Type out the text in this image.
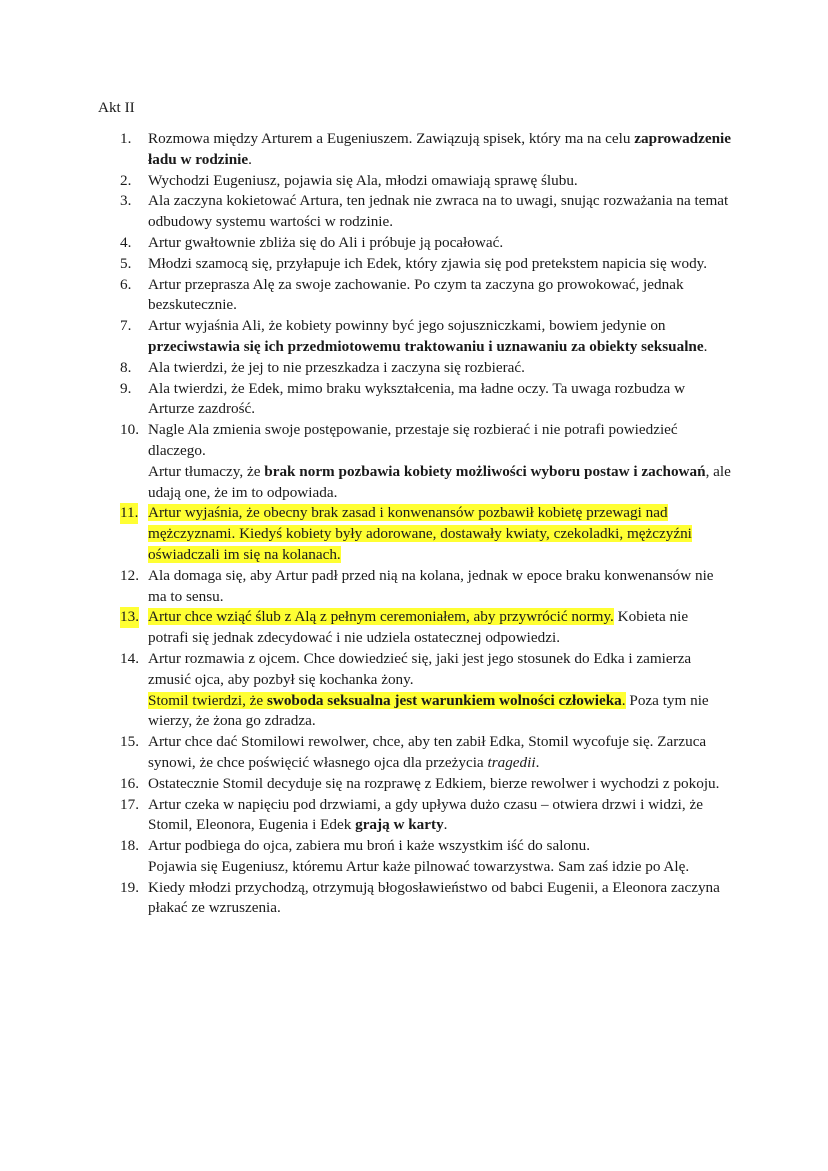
Akt II
1. Rozmowa między Arturem a Eugeniuszem. Zawiązują spisek, który ma na celu zaprowadzenie ładu w rodzinie.

2. Wychodzi Eugeniusz, pojawia się Ala, młodzi omawiają sprawę ślubu.

3. Ala zaczyna kokietować Artura, ten jednak nie zwraca na to uwagi, snując rozważania na temat odbudowy systemu wartości w rodzinie.

4. Artur gwałtownie zbliża się do Ali i próbuje ją pocałować.

5. Młodzi szamocą się, przyłapuje ich Edek, który zjawia się pod pretekstem napicia się wody.

6. Artur przeprasza Alę za swoje zachowanie. Po czym ta zaczyna go prowokować, jednak bezskutecznie.

7. Artur wyjaśnia Ali, że kobiety powinny być jego sojuszniczkami, bowiem jedynie on przeciwstawia się ich przedmiotowemu traktowaniu i uznawaniu za obiekty seksualne.

8. Ala twierdzi, że jej to nie przeszkadza i zaczyna się rozbierać.

9. Ala twierdzi, że Edek, mimo braku wykształcenia, ma ładne oczy. Ta uwaga rozbudza w Arturze zazdrość.

10. Nagle Ala zmienia swoje postępowanie, przestaje się rozbierać i nie potrafi powiedzieć dlaczego.

Artur tłumaczy, że brak norm pozbawia kobiety możliwości wyboru postaw i zachowań, ale udają one, że im to odpowiada.

11. Artur wyjaśnia, że obecny brak zasad i konwenansów pozbawił kobietę przewagi nad mężczyznami. Kiedyś kobiety były adorowane, dostawały kwiaty, czekoladki, mężczyźni oświadczali im się na kolanach.

12. Ala domaga się, aby Artur padł przed nią na kolana, jednak w epoce braku konwenansów nie ma to sensu.

13. Artur chce wziąć ślub z Alą z pełnym ceremoniałem, aby przywrócić normy. Kobieta nie potrafi się jednak zdecydować i nie udziela ostatecznej odpowiedzi.

14. Artur rozmawia z ojcem. Chce dowiedzieć się, jaki jest jego stosunek do Edka i zamierza zmusić ojca, aby pozbył się kochanka żony.

Stomil twierdzi, że swoboda seksualna jest warunkiem wolności człowieka. Poza tym nie wierzy, że żona go zdradza.

15. Artur chce dać Stomilowi rewolwer, chce, aby ten zabił Edka, Stomil wycofuje się. Zarzuca synowi, że chce poświęcić własnego ojca dla przeżycia tragedii.

16. Ostatecznie Stomil decyduje się na rozprawę z Edkiem, bierze rewolwer i wychodzi z pokoju.

17. Artur czeka w napięciu pod drzwiami, a gdy upływa dużo czasu – otwiera drzwi i widzi, że Stomil, Eleonora, Eugenia i Edek grają w karty.

18. Artur podbiega do ojca, zabiera mu broń i każe wszystkim iść do salonu.

Pojawia się Eugeniusz, któremu Artur każe pilnować towarzystwa. Sam zaś idzie po Alę.

19. Kiedy młodzi przychodzą, otrzymują błogosławieństwo od babci Eugenii, a Eleonora zaczyna płakać ze wzruszenia.
